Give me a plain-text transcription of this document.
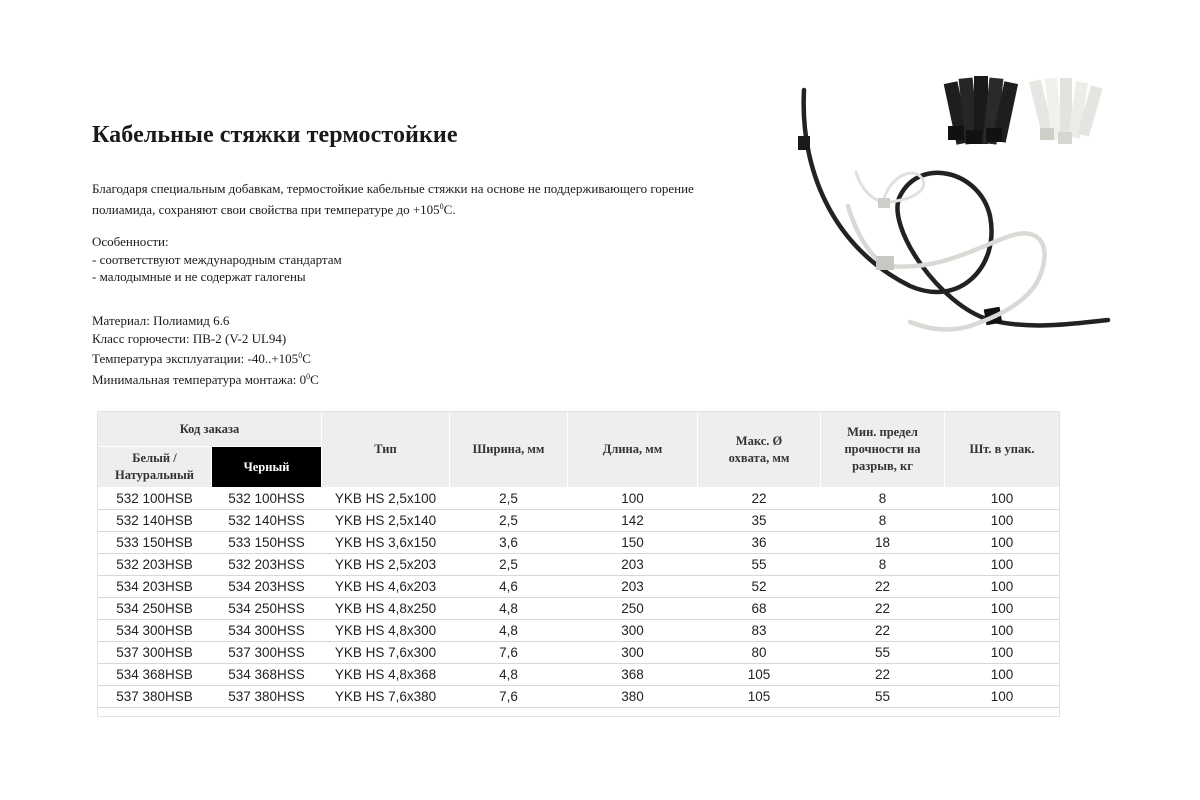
Кабельные стяжки термостойкие

Благодаря специальным добавкам, термостойкие кабельные стяжки на основе не поддерживающего горение

полиамида, сохраняют свои свойства при температуре до $+105^0С$.

Особенности:

- соответствуют международным стандартам

- малодымные и не содержат галогены

Материал: Полиамид 6.6

Класс горючести: ПВ-2 (V-2 UL94)

Температура эксплуатации: $-40..+105^0С$

Минимальная температура монтажа: $0^0С$

Код заказа		Тип	Ширина, мм	Длина, мм	Макс. Ø охвата, мм	Мин. предел прочности на разрыв, кг	Шт. в упак.

Белый / Натуральный	Черный						
532 100HSB	532 100HSS	YKB HS 2,5x100	2,5	100	22	8	100
532 140HSB	532 140HSS	YKB HS 2,5x140	2,5	142	35	8	100
533 150HSB	533 150HSS	YKB HS 3,6x150	3,6	150	36	18	100
532 203HSB	532 203HSS	YKB HS 2,5x203	2,5	203	55	8	100
534 203HSB	534 203HSS	YKB HS 4,6x203	4,6	203	52	22	100
534 250HSB	534 250HSS	YKB HS 4,8x250	4,8	250	68	22	100
534 300HSB	534 300HSS	YKB HS 4,8x300	4,8	300	83	22	100
537 300HSB	537 300HSS	YKB HS 7,6x300	7,6	300	80	55	100
534 368HSB	534 368HSS	YKB HS 4,8x368	4,8	368	105	22	100
537 380HSB	537 380HSS	YKB HS 7,6x380	7,6	380	105	55	100
